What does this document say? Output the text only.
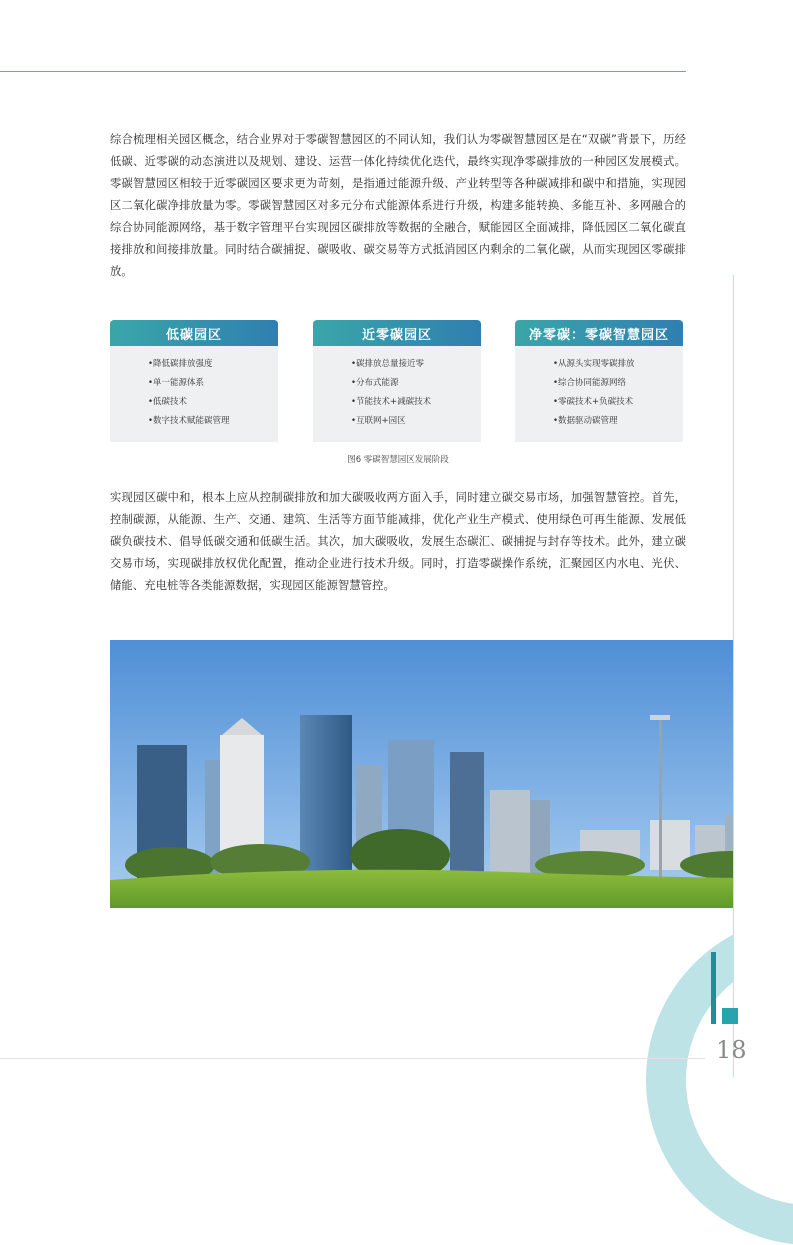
综合梳理相关园区概念，结合业界对于零碳智慧园区的不同认知，我们认为零碳智慧园区是在“双碳”背景下，历经低碳、近零碳的动态演进以及规划、建设、运营一体化持续优化迭代，最终实现净零碳排放的一种园区发展模式。零碳智慧园区相较于近零碳园区要求更为苛刻，是指通过能源升级、产业转型等各种碳减排和碳中和措施，实现园区二氧化碳净排放量为零。零碳智慧园区对多元分布式能源体系进行升级，构建多能转换、多能互补、多网融合的综合协同能源网络，基于数字管理平台实现园区碳排放等数据的全融合，赋能园区全面减排，降低园区二氧化碳直接排放和间接排放量。同时结合碳捕捉、碳吸收、碳交易等方式抵消园区内剩余的二氧化碳，从而实现园区零碳排放。

低碳园区
•降低碳排放强度
•单一能源体系
•低碳技术
•数字技术赋能碳管理
近零碳园区
•碳排放总量接近零
•分布式能源
•节能技术+减碳技术
•互联网+园区
净零碳：零碳智慧园区
•从源头实现零碳排放
•综合协同能源网络
•零碳技术+负碳技术
•数据驱动碳管理
图6 零碳智慧园区发展阶段

实现园区碳中和，根本上应从控制碳排放和加大碳吸收两方面入手，同时建立碳交易市场，加强智慧管控。首先，控制碳源，从能源、生产、交通、建筑、生活等方面节能减排，优化产业生产模式、使用绿色可再生能源、发展低碳负碳技术、倡导低碳交通和低碳生活。其次，加大碳吸收，发展生态碳汇、碳捕捉与封存等技术。此外，建立碳交易市场，实现碳排放权优化配置，推动企业进行技术升级。同时，打造零碳操作系统，汇聚园区内水电、光伏、储能、充电桩等各类能源数据，实现园区能源智慧管控。

18
